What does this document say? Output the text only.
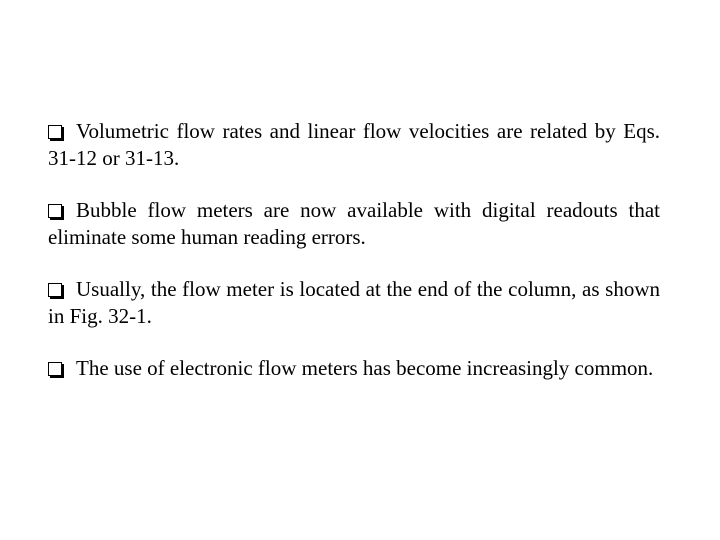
Volumetric flow rates and linear flow velocities are related by Eqs. 31-12 or 31-13.

Bubble flow meters are now available with digital readouts that eliminate some human reading errors.

Usually, the flow meter is located at the end of the column, as shown in Fig. 32-1.

The use of electronic flow meters has become increasingly common.
